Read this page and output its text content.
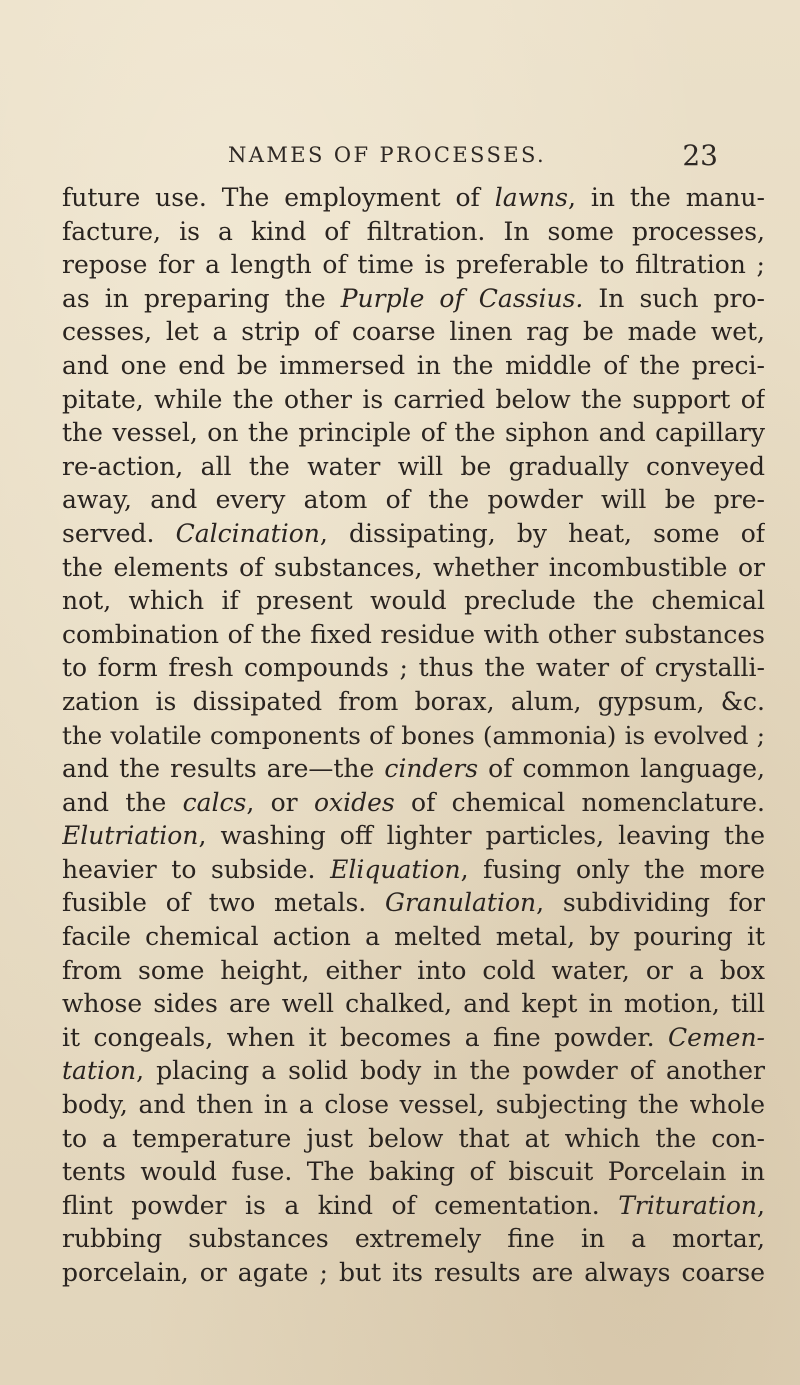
NAMES OF PROCESSES.	23
future use. The employment of lawns, in the manu-
facture, is a kind of filtration. In some processes,
repose for a length of time is preferable to filtration ;
as in preparing the Purple of Cassius. In such pro-
cesses, let a strip of coarse linen rag be made wet,
and one end be immersed in the middle of the preci-
pitate, while the other is carried below the support of
the vessel, on the principle of the siphon and capillary
re-action, all the water will be gradually conveyed
away, and every atom of the powder will be pre-
served. Calcination, dissipating, by heat, some of
the elements of substances, whether incombustible or
not, which if present would preclude the chemical
combination of the fixed residue with other substances
to form fresh compounds ; thus the water of crystalli-
zation is dissipated from borax, alum, gypsum, &c.
the volatile components of bones (ammonia) is evolved ;
and the results are—the cinders of common language,
and the calcs, or oxides of chemical nomenclature.
Elutriation, washing off lighter particles, leaving the
heavier to subside. Eliquation, fusing only the more
fusible of two metals. Granulation, subdividing for
facile chemical action a melted metal, by pouring it
from some height, either into cold water, or a box
whose sides are well chalked, and kept in motion, till
it congeals, when it becomes a fine powder. Cemen-
tation, placing a solid body in the powder of another
body, and then in a close vessel, subjecting the whole
to a temperature just below that at which the con-
tents would fuse. The baking of biscuit Porcelain in
flint powder is a kind of cementation. Trituration,
rubbing substances extremely fine in a mortar,
porcelain, or agate ; but its results are always coarse
